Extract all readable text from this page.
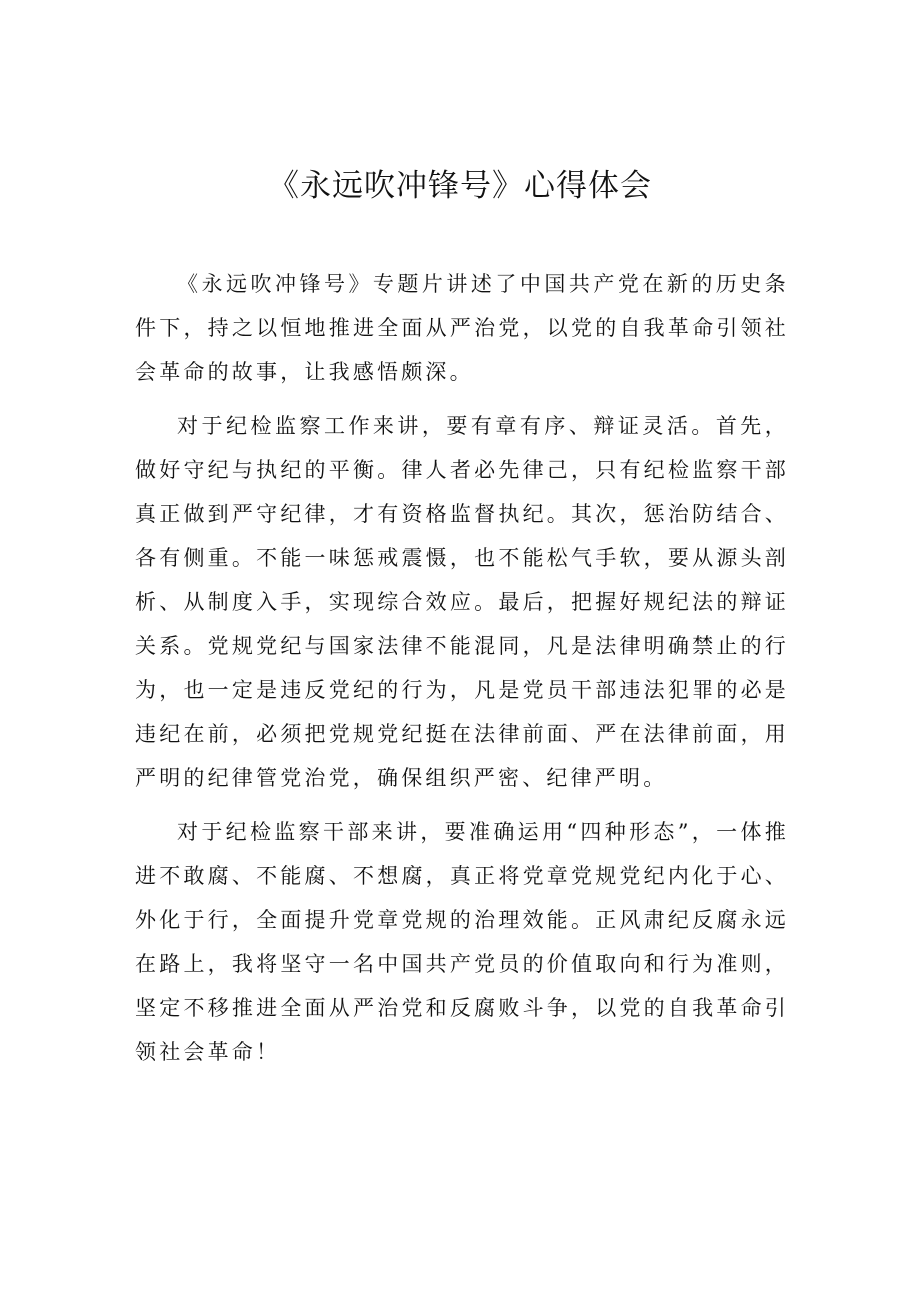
《永远吹冲锋号》心得体会

《永远吹冲锋号》专题片讲述了中国共产党在新的历史条件下，持之以恒地推进全面从严治党，以党的自我革命引领社会革命的故事，让我感悟颇深。

对于纪检监察工作来讲，要有章有序、辩证灵活。首先，做好守纪与执纪的平衡。律人者必先律己，只有纪检监察干部真正做到严守纪律，才有资格监督执纪。其次，惩治防结合、各有侧重。不能一味惩戒震慑，也不能松气手软，要从源头剖析、从制度入手，实现综合效应。最后，把握好规纪法的辩证关系。党规党纪与国家法律不能混同，凡是法律明确禁止的行为，也一定是违反党纪的行为，凡是党员干部违法犯罪的必是违纪在前，必须把党规党纪挺在法律前面、严在法律前面，用严明的纪律管党治党，确保组织严密、纪律严明。

对于纪检监察干部来讲，要准确运用“四种形态”，一体推进不敢腐、不能腐、不想腐，真正将党章党规党纪内化于心、外化于行，全面提升党章党规的治理效能。正风肃纪反腐永远在路上，我将坚守一名中国共产党员的价值取向和行为准则，坚定不移推进全面从严治党和反腐败斗争，以党的自我革命引领社会革命！
